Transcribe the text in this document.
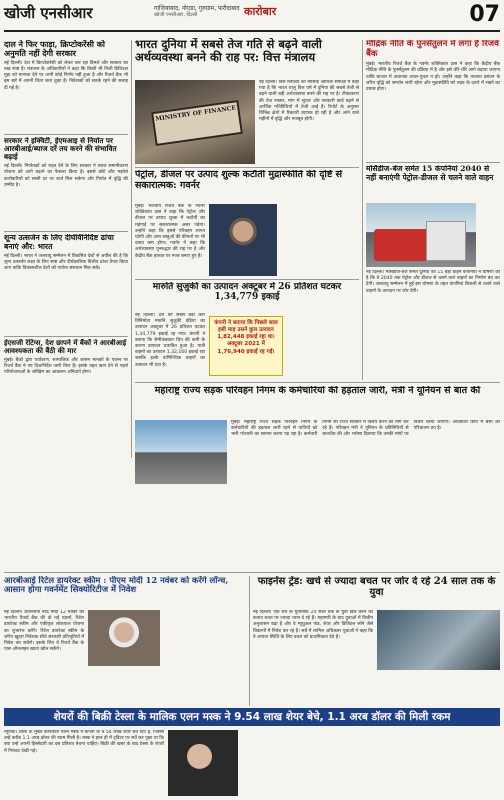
खोजी एनसीआर	गाजियाबाद, नोएडा, गुरुग्राम, फरीदाबाद
खोजी एनसीआर, दिल्ली	कारोबार	07
दाल ने फिर फाड़ा, क्रिप्टोकरेंसी को अनुमति नहीं देगी सरकार
नई दिल्ली। देश में क्रिप्टोकरेंसी को लेकर चल रहा विमर्श और सरकार का रुख स्पष्ट है। मंत्रालय के अधिकारियों ने कहा कि किसी भी निजी डिजिटल मुद्रा को मान्यता देने पर अभी कोई निर्णय नहीं हुआ है और रिजर्व बैंक भी इस बारे में अपनी चिंता जता चुका है। निवेशकों को सतर्क रहने की सलाह दी गई है।
सरकार ने इक्विटी, ईएमआइ से निर्यात पर आरबीआई/ब्याज दरें तय करने की संभावित बढ़ाई
नई दिल्ली। निर्यातकों को राहत देने के लिए सरकार ने ब्याज समानीकरण योजना को आगे बढ़ाने का फैसला किया है। इससे छोटे और मझोले कारोबारियों को सस्ती दर पर कर्ज मिल सकेगा और निर्यात में वृद्धि की उम्मीद है।
शून्य उत्सर्जन के लिए दीर्घविनिर्दिष्ट ढांचा बनाएं और: भारत
नई दिल्ली। भारत ने जलवायु सम्मेलन में विकसित देशों से अपील की है कि शून्य उत्सर्जन लक्ष्य के लिए स्पष्ट और दीर्घकालिक वित्तीय ढांचा तैयार किया जाए ताकि विकासशील देशों को पर्याप्त संसाधन मिल सकें।
ईएसजी रेटिंग्स, देश छापने में बैंकों ने आरबीआई आवश्यकता की बैंठी की मार
मुंबई। बैंकों द्वारा पर्यावरण, सामाजिक और शासन मानकों के पालन पर रिजर्व बैंक ने नए दिशानिर्देश जारी किए हैं। इसके तहत ऋण देने से पहले परियोजनाओं के जोखिम का आकलन अनिवार्य होगा।
भारत दुनिया में सबसे तेज गति से बढ़ने वाली अर्थव्यवस्था बनने की राह पर: वित्त मंत्रालय
MINISTRY OF FINANCE
नई दिल्ली। वित्त मंत्रालय की मासिक आर्थिक समीक्षा में कहा गया है कि भारत चालू वित्त वर्ष में दुनिया की सबसे तेजी से बढ़ने वाली बड़ी अर्थव्यवस्था बनने की राह पर है। टीकाकरण की तेज रफ्तार, मांग में सुधार और सरकारी खर्च बढ़ने से आर्थिक गतिविधियों में तेजी आई है। रिपोर्ट के अनुसार विभिन्न क्षेत्रों में रिकवरी व्यापक हो रही है और आने वाले महीनों में वृद्धि और मजबूत होगी।
पेट्रोल, डीजल पर उत्पाद शुल्क कटौती मुद्रास्फीति की दृष्टि से सकारात्मक: गवर्नर
मुंबई। भारतीय रिजर्व बैंक के गवर्नर शक्तिकांत दास ने कहा कि पेट्रोल और डीजल पर उत्पाद शुल्क में कटौती का महंगाई पर सकारात्मक असर पड़ेगा। उन्होंने कहा कि इससे परिवहन लागत घटेगी और अन्य वस्तुओं की कीमतों पर भी दबाव कम होगा। गवर्नर ने कहा कि अर्थव्यवस्था पुनरुद्धार की राह पर है और केंद्रीय बैंक हालात पर नजर बनाए हुए है।
मारुति सुजुकी का उत्पादन अक्टूबर में 26 प्रतिशत घटकर 1,34,779 इकाई
नई दिल्ली। देश की सबसे बड़ी कार विनिर्माता मारुति सुजुकी इंडिया का उत्पादन अक्टूबर में 26 प्रतिशत घटकर 1,34,779 इकाई रह गया। कंपनी ने बताया कि सेमीकंडक्टर चिप की कमी के कारण उत्पादन प्रभावित हुआ है। यात्री वाहनों का उत्पादन 1,32,160 इकाई रहा जबकि हल्के वाणिज्यिक वाहनों का उत्पादन भी घटा है।
कंपनी ने बताया कि पिछले साल इसी माह उसने कुल उत्पादन 1,82,448 इकाई रहा था। अक्टूबर 2021 में 1,76,940 इकाई रह गई।
मौद्रिक नीति के पुनर्संतुलन में लगा है रिजर्व बैंक
मुंबई। भारतीय रिजर्व बैंक के गवर्नर शक्तिकांत दास ने कहा कि केंद्रीय बैंक मौद्रिक नीति के पुनर्संतुलन की प्रक्रिया में है और इसे धीरे-धीरे आगे बढ़ाया जाएगा ताकि बाजार में अचानक उथल-पुथल न हो। उन्होंने कहा कि तरलता प्रबंधन के जरिए वृद्धि को समर्थन जारी रहेगा और मुद्रास्फीति को लक्ष्य के दायरे में रखने का प्रयास होगा।
मर्सिडीज-बेंज समेत 15 कंपनियां 2040 से नहीं बनाएंगी पेट्रोल-डीजल से चलने वाले वाहन
नई दिल्ली। मर्सिडीज-बेंज समेत दुनिया की 15 बड़ी वाहन कंपनियों ने घोषणा की है कि वे 2040 तक पेट्रोल और डीजल से चलने वाले वाहनों का निर्माण बंद कर देंगी। जलवायु सम्मेलन में हुई इस घोषणा के तहत कंपनियां बिजली से चलने वाले वाहनों के उत्पादन पर जोर देंगी।
महाराष्ट्र राज्य सड़क परिवहन निगम के कर्मचारियों की हड़ताल जारी, मंत्री ने यूनियन से बात की
मुंबई। महाराष्ट्र राज्य सड़क परिवहन निगम के कर्मचारियों की हड़ताल जारी रहने से यात्रियों को भारी परेशानी का सामना करना पड़ रहा है। कर्मचारी निगम का राज्य सरकार में विलय करने की मांग कर रहे हैं। परिवहन मंत्री ने यूनियन के प्रतिनिधियों से बातचीत की और भरोसा दिलाया कि उनकी मांगों पर विचार किया जाएगा। अधिकांश डिपो में बसों का परिचालन ठप है।
आरबीआई रिटेल डायरेक्ट स्कीम : पीएम मोदी 12 नवंबर को करेंगे लॉन्च, आसान होगा गवर्नमेंट सिक्योरिटीज में निवेश
नई दिल्ली। प्रधानमंत्री नरेंद्र मोदी 12 नवंबर को भारतीय रिजर्व बैंक की दो नई पहलों, रिटेल डायरेक्ट स्कीम और एकीकृत लोकपाल योजना का शुभारंभ करेंगे। रिटेल डायरेक्ट स्कीम के जरिए खुदरा निवेशक सीधे सरकारी प्रतिभूतियों में निवेश कर सकेंगे। इसके लिए वे रिजर्व बैंक के पास ऑनलाइन खाता खोल सकेंगे।
फाइनेंस ट्रेंड: खर्च से ज्यादा बचत पर जोर दे रहे 24 साल तक के युवा
नई दिल्ली। एक सर्वे के मुताबिक 24 साल तक के युवा खर्च करने की बजाय बचत पर ज्यादा ध्यान दे रहे हैं। महामारी के बाद युवाओं में वित्तीय अनुशासन बढ़ा है और वे म्यूचुअल फंड, शेयर और डिजिटल सोने जैसे विकल्पों में निवेश कर रहे हैं। सर्वे में शामिल अधिकतर युवाओं ने कहा कि वे आपात स्थिति के लिए बचत को प्राथमिकता देते हैं।
शेयरों की बिक्री टेस्ला के मालिक एलन मस्क ने 9.54 लाख शेयर बेचे, 1.1 अरब डॉलर की मिली रकम
न्यूयॉर्क। टेस्ला के मुख्य कार्यकारी एलन मस्क ने कंपनी के 9.54 लाख शेयर बेच दिए हैं, जिससे उन्हें करीब 1.1 अरब डॉलर की रकम मिली है। मस्क ने हाल ही में ट्विटर पर सर्वे कर पूछा था कि क्या उन्हें अपनी हिस्सेदारी का दस प्रतिशत बेचना चाहिए। बिक्री की खबर के बाद टेस्ला के शेयरों में गिरावट देखी गई।
